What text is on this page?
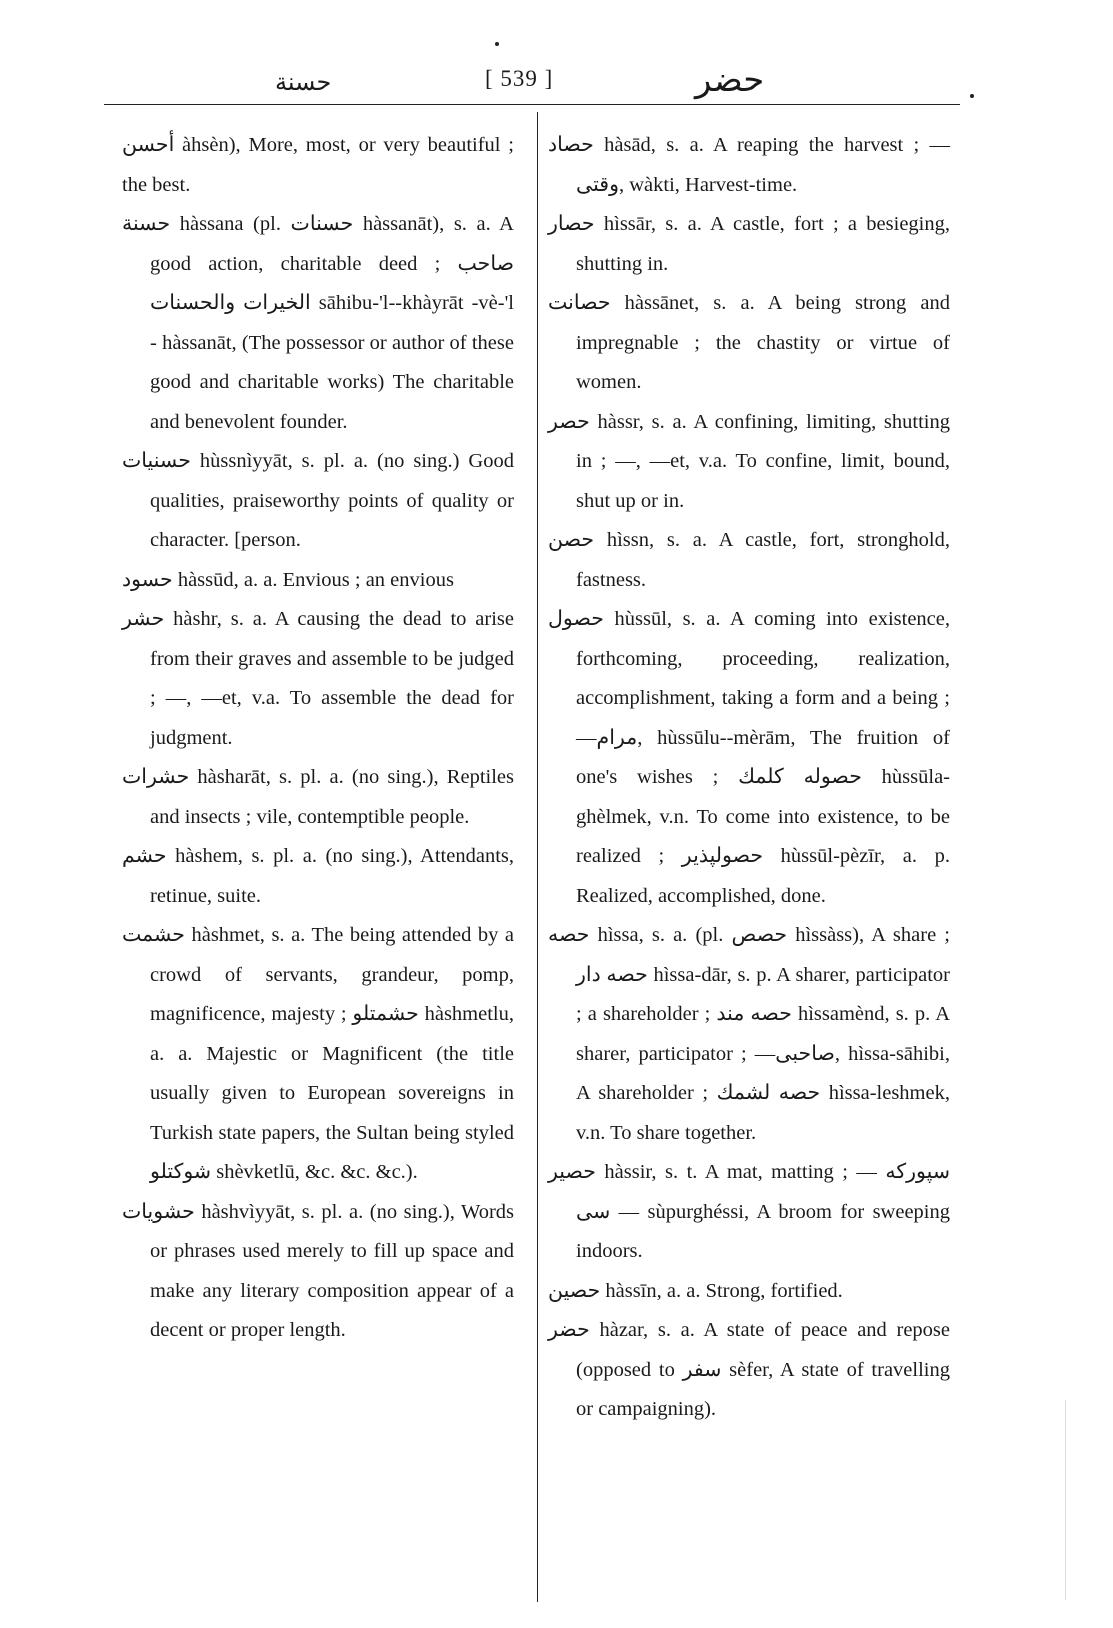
حسنة	[ 539 ]	حضر

أحسن àhsèn), More, most, or very beautiful ; the best.

حسنة hàssana (pl. حسنات hàssanāt), s. a. A good action, charitable deed ; صاحب الخيرات والحسنات sāhibu-'l--khàyrāt -vè-'l - hàssanāt, (The possessor or author of these good and charitable works) The charitable and benevolent founder.

حسنيات hùssnìyyāt, s. pl. a. (no sing.) Good qualities, praiseworthy points of quality or character. [person.

حسود hàssūd, a. a. Envious ; an envious

حشر hàshr, s. a. A causing the dead to arise from their graves and assemble to be judged ; —, —et, v.a. To assemble the dead for judgment.

حشرات hàsharāt, s. pl. a. (no sing.), Reptiles and insects ; vile, contemptible people.

حشم hàshem, s. pl. a. (no sing.), Attendants, retinue, suite.

حشمت hàshmet, s. a. The being attended by a crowd of servants, grandeur, pomp, magnificence, majesty ; حشمتلو hàshmetlu, a. a. Majestic or Magnificent (the title usually given to European sovereigns in Turkish state papers, the Sultan being styled شوكتلو shèvketlū, &c. &c. &c.).

حشويات hàshvìyyāt, s. pl. a. (no sing.), Words or phrases used merely to fill up space and make any literary composition appear of a decent or proper length.

حصاد hàsād, s. a. A reaping the harvest ; —وقتی, wàkti, Harvest-time.

حصار hìssār, s. a. A castle, fort ; a besieging, shutting in.

حصانت hàssānet, s. a. A being strong and impregnable ; the chastity or virtue of women.

حصر hàssr, s. a. A confining, limiting, shutting in ; —, —et, v.a. To confine, limit, bound, shut up or in.

حصن hìssn, s. a. A castle, fort, stronghold, fastness.

حصول hùssūl, s. a. A coming into existence, forthcoming, proceeding, realization, accomplishment, taking a form and a being ; —مرام, hùssūlu--mèrām, The fruition of one's wishes ; حصوله كلمك hùssūla-ghèlmek, v.n. To come into existence, to be realized ; حصولپذير hùssūl-pèzīr, a. p. Realized, accomplished, done.

حصه hìssa, s. a. (pl. حصص hìssàss), A share ; حصه دار hìssa-dār, s. p. A sharer, participator ; a shareholder ; حصه مند hìssamènd, s. p. A sharer, participator ; —صاحبی, hìssa-sāhibi, A shareholder ; حصه لشمك hìssa-leshmek, v.n. To share together.

حصير hàssir, s. t. A mat, matting ; — سپورکه سی — sùpurghéssi, A broom for sweeping indoors.

حصين hàssīn, a. a. Strong, fortified.

حضر hàzar, s. a. A state of peace and repose (opposed to سفر sèfer, A state of travelling or campaigning).
